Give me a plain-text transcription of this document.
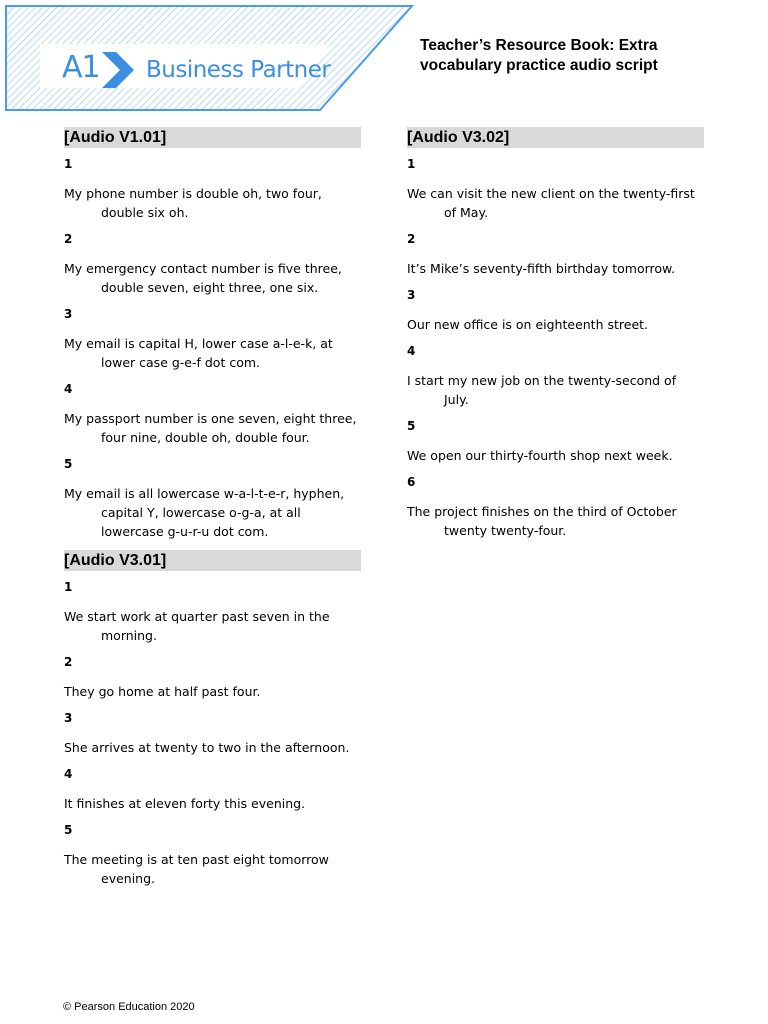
A1 Business Partner
Teacher’s Resource Book: Extra
vocabulary practice audio script
[Audio V1.01]
1
My phone number is double oh, two four, double six oh.
2
My emergency contact number is five three, double seven, eight three, one six.
3
My email is capital H, lower case a-l-e-k, at lower case g-e-f dot com.
4
My passport number is one seven, eight three, four nine, double oh, double four.
5
My email is all lowercase w-a-l-t-e-r, hyphen, capital Y, lowercase o-g-a, at all lowercase g-u-r-u dot com.
[Audio V3.01]
1
We start work at quarter past seven in the morning.
2
They go home at half past four.
3
She arrives at twenty to two in the afternoon.
4
It finishes at eleven forty this evening.
5
The meeting is at ten past eight tomorrow evening.
[Audio V3.02]
1
We can visit the new client on the twenty-first of May.
2
It’s Mike’s seventy-fifth birthday tomorrow.
3
Our new office is on eighteenth street.
4
I start my new job on the twenty-second of July.
5
We open our thirty-fourth shop next week.
6
The project finishes on the third of October twenty twenty-four.
© Pearson Education 2020
